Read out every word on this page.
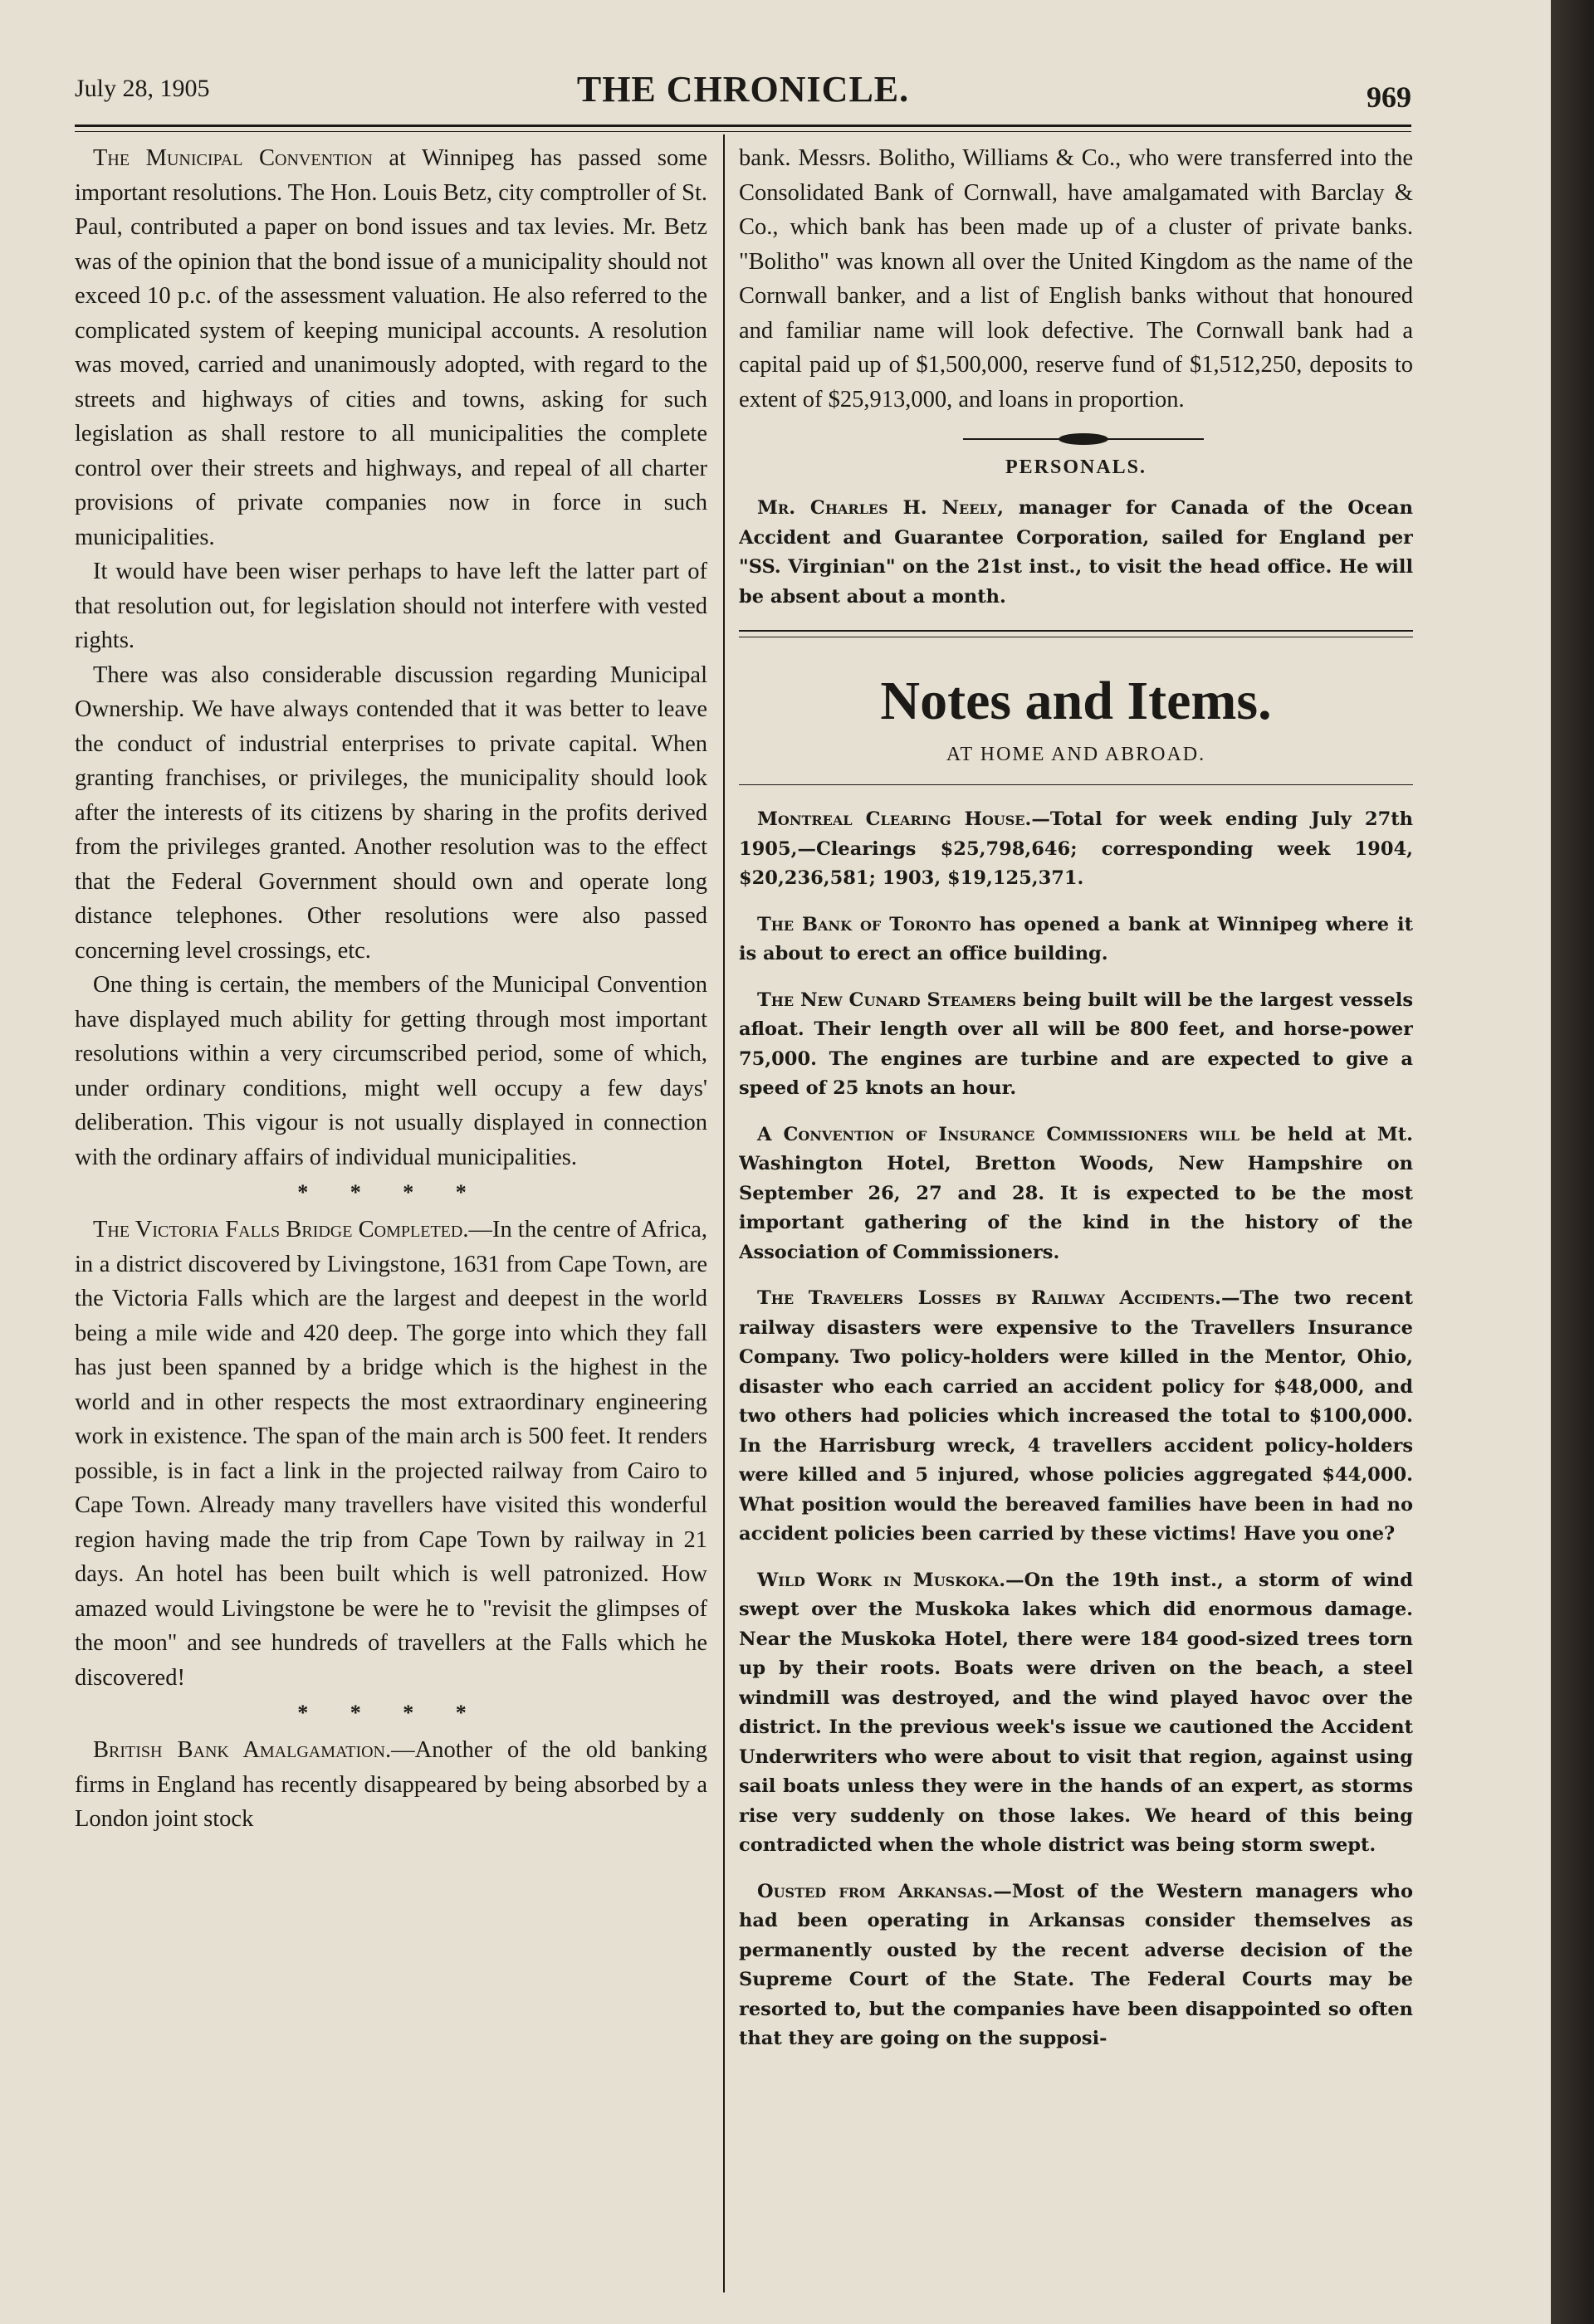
July 28, 1905	THE CHRONICLE.	969

The Municipal Convention at Winnipeg has passed some important resolutions. The Hon. Louis Betz, city comptroller of St. Paul, contributed a paper on bond issues and tax levies. Mr. Betz was of the opinion that the bond issue of a municipality should not exceed 10 p.c. of the assessment valuation. He also referred to the complicated system of keeping municipal accounts. A resolution was moved, carried and unanimously adopted, with regard to the streets and highways of cities and towns, asking for such legislation as shall restore to all municipalities the complete control over their streets and highways, and repeal of all charter provisions of private companies now in force in such municipalities.

It would have been wiser perhaps to have left the latter part of that resolution out, for legislation should not interfere with vested rights.

There was also considerable discussion regarding Municipal Ownership. We have always contended that it was better to leave the conduct of industrial enterprises to private capital. When granting franchises, or privileges, the municipality should look after the interests of its citizens by sharing in the profits derived from the privileges granted. Another resolution was to the effect that the Federal Government should own and operate long distance telephones. Other resolutions were also passed concerning level crossings, etc.

One thing is certain, the members of the Municipal Convention have displayed much ability for getting through most important resolutions within a very circumscribed period, some of which, under ordinary conditions, might well occupy a few days' deliberation. This vigour is not usually displayed in connection with the ordinary affairs of individual municipalities.

* * * *

The Victoria Falls Bridge Completed.—In the centre of Africa, in a district discovered by Livingstone, 1631 from Cape Town, are the Victoria Falls which are the largest and deepest in the world being a mile wide and 420 deep. The gorge into which they fall has just been spanned by a bridge which is the highest in the world and in other respects the most extraordinary engineering work in existence. The span of the main arch is 500 feet. It renders possible, is in fact a link in the projected railway from Cairo to Cape Town. Already many travellers have visited this wonderful region having made the trip from Cape Town by railway in 21 days. An hotel has been built which is well patronized. How amazed would Livingstone be were he to "revisit the glimpses of the moon" and see hundreds of travellers at the Falls which he discovered!

* * * *

British Bank Amalgamation.—Another of the old banking firms in England has recently disappeared by being absorbed by a London joint stock

bank. Messrs. Bolitho, Williams & Co., who were transferred into the Consolidated Bank of Cornwall, have amalgamated with Barclay & Co., which bank has been made up of a cluster of private banks. "Bolitho" was known all over the United Kingdom as the name of the Cornwall banker, and a list of English banks without that honoured and familiar name will look defective. The Cornwall bank had a capital paid up of $1,500,000, reserve fund of $1,512,250, deposits to extent of $25,913,000, and loans in proportion.

PERSONALS.

Mr. Charles H. Neely, manager for Canada of the Ocean Accident and Guarantee Corporation, sailed for England per "SS. Virginian" on the 21st inst., to visit the head office. He will be absent about a month.

Notes and Items.
AT HOME AND ABROAD.

Montreal Clearing House.—Total for week ending July 27th 1905,—Clearings $25,798,646; corresponding week 1904, $20,236,581; 1903, $19,125,371.

The Bank of Toronto has opened a bank at Winnipeg where it is about to erect an office building.

The New Cunard Steamers being built will be the largest vessels afloat. Their length over all will be 800 feet, and horse-power 75,000. The engines are turbine and are expected to give a speed of 25 knots an hour.

A Convention of Insurance Commissioners will be held at Mt. Washington Hotel, Bretton Woods, New Hampshire on September 26, 27 and 28. It is expected to be the most important gathering of the kind in the history of the Association of Commissioners.

The Travelers Losses by Railway Accidents.—The two recent railway disasters were expensive to the Travellers Insurance Company. Two policy-holders were killed in the Mentor, Ohio, disaster who each carried an accident policy for $48,000, and two others had policies which increased the total to $100,000. In the Harrisburg wreck, 4 travellers accident policy-holders were killed and 5 injured, whose policies aggregated $44,000. What position would the bereaved families have been in had no accident policies been carried by these victims! Have you one?

Wild Work in Muskoka.—On the 19th inst., a storm of wind swept over the Muskoka lakes which did enormous damage. Near the Muskoka Hotel, there were 184 good-sized trees torn up by their roots. Boats were driven on the beach, a steel windmill was destroyed, and the wind played havoc over the district. In the previous week's issue we cautioned the Accident Underwriters who were about to visit that region, against using sail boats unless they were in the hands of an expert, as storms rise very suddenly on those lakes. We heard of this being contradicted when the whole district was being storm swept.

Ousted from Arkansas.—Most of the Western managers who had been operating in Arkansas consider themselves as permanently ousted by the recent adverse decision of the Supreme Court of the State. The Federal Courts may be resorted to, but the companies have been disappointed so often that they are going on the supposi-
